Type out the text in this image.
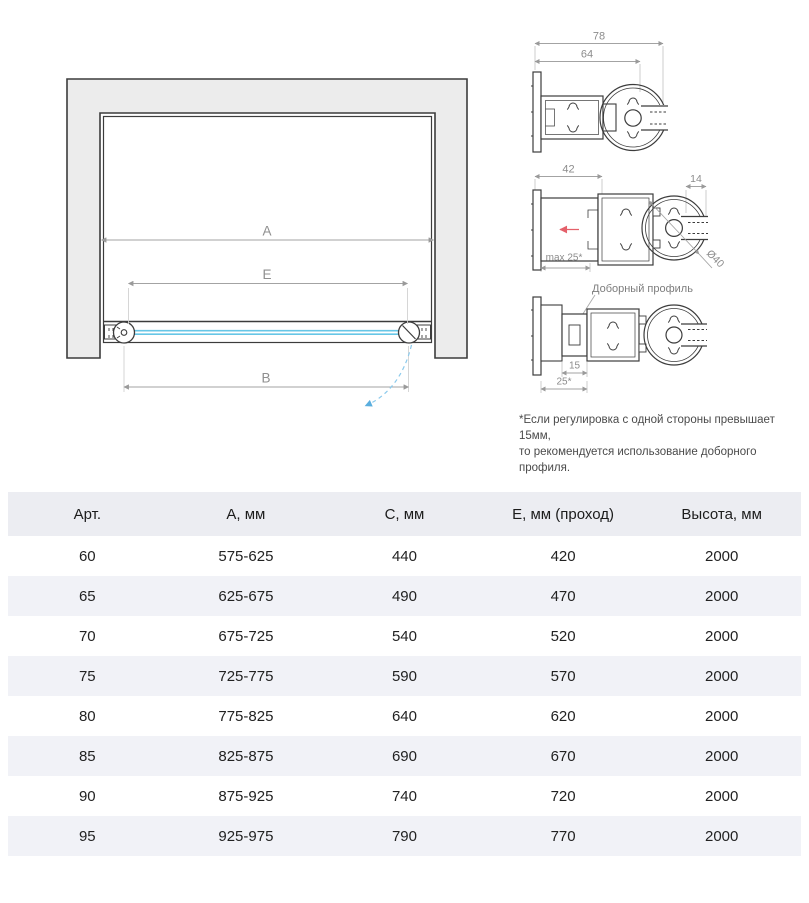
A
E
B
78
64
42
14
Ø40
max 25*
Доборный профиль
15
25*
*Если регулировка с одной стороны превышает 15мм,
то рекомендуется использование доборного профиля.
Арт.	А, мм	С, мм	Е, мм (проход)	Высота, мм
60	575-625	440	420	2000
65	625-675	490	470	2000
70	675-725	540	520	2000
75	725-775	590	570	2000
80	775-825	640	620	2000
85	825-875	690	670	2000
90	875-925	740	720	2000
95	925-975	790	770	2000
